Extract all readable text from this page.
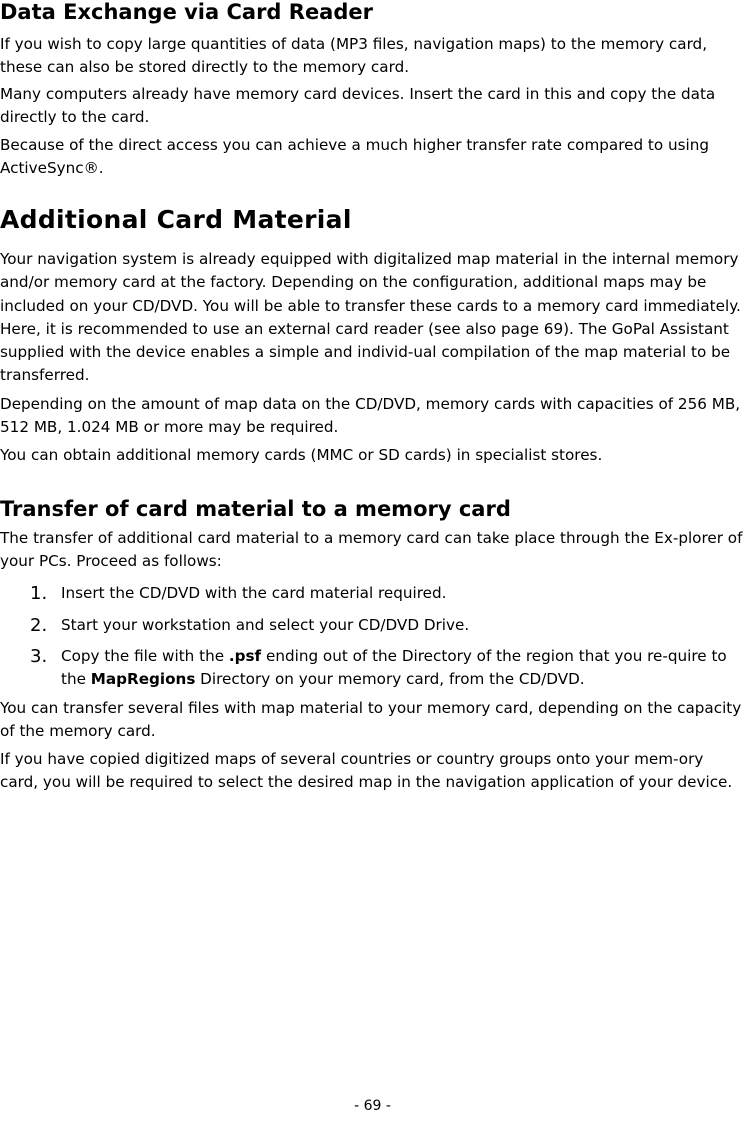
Data Exchange via Card Reader

If you wish to copy large quantities of data (MP3 files, navigation maps) to the memory card, these can also be stored directly to the memory card.

Many computers already have memory card devices. Insert the card in this and copy the data directly to the card.

Because of the direct access you can achieve a much higher transfer rate compared to using ActiveSync®.

Additional Card Material

Your navigation system is already equipped with digitalized map material in the internal memory and/or memory card at the factory. Depending on the configuration, additional maps may be included on your CD/DVD. You will be able to transfer these cards to a memory card immediately. Here, it is recommended to use an external card reader (see also page 69). The GoPal Assistant supplied with the device enables a simple and individ-ual compilation of the map material to be transferred.

Depending on the amount of map data on the CD/DVD, memory cards with capacities of 256 MB, 512 MB, 1.024 MB or more may be required.

You can obtain additional memory cards (MMC or SD cards) in specialist stores.

Transfer of card material to a memory card

The transfer of additional card material to a memory card can take place through the Ex-plorer of your PCs. Proceed as follows:

1. Insert the CD/DVD with the card material required.
2. Start your workstation and select your CD/DVD Drive.
3. Copy the file with the .psf ending out of the Directory of the region that you re-quire to the MapRegions Directory on your memory card, from the CD/DVD.

You can transfer several files with map material to your memory card, depending on the capacity of the memory card.

If you have copied digitized maps of several countries or country groups onto your mem-ory card, you will be required to select the desired map in the navigation application of your device.

- 69 -
